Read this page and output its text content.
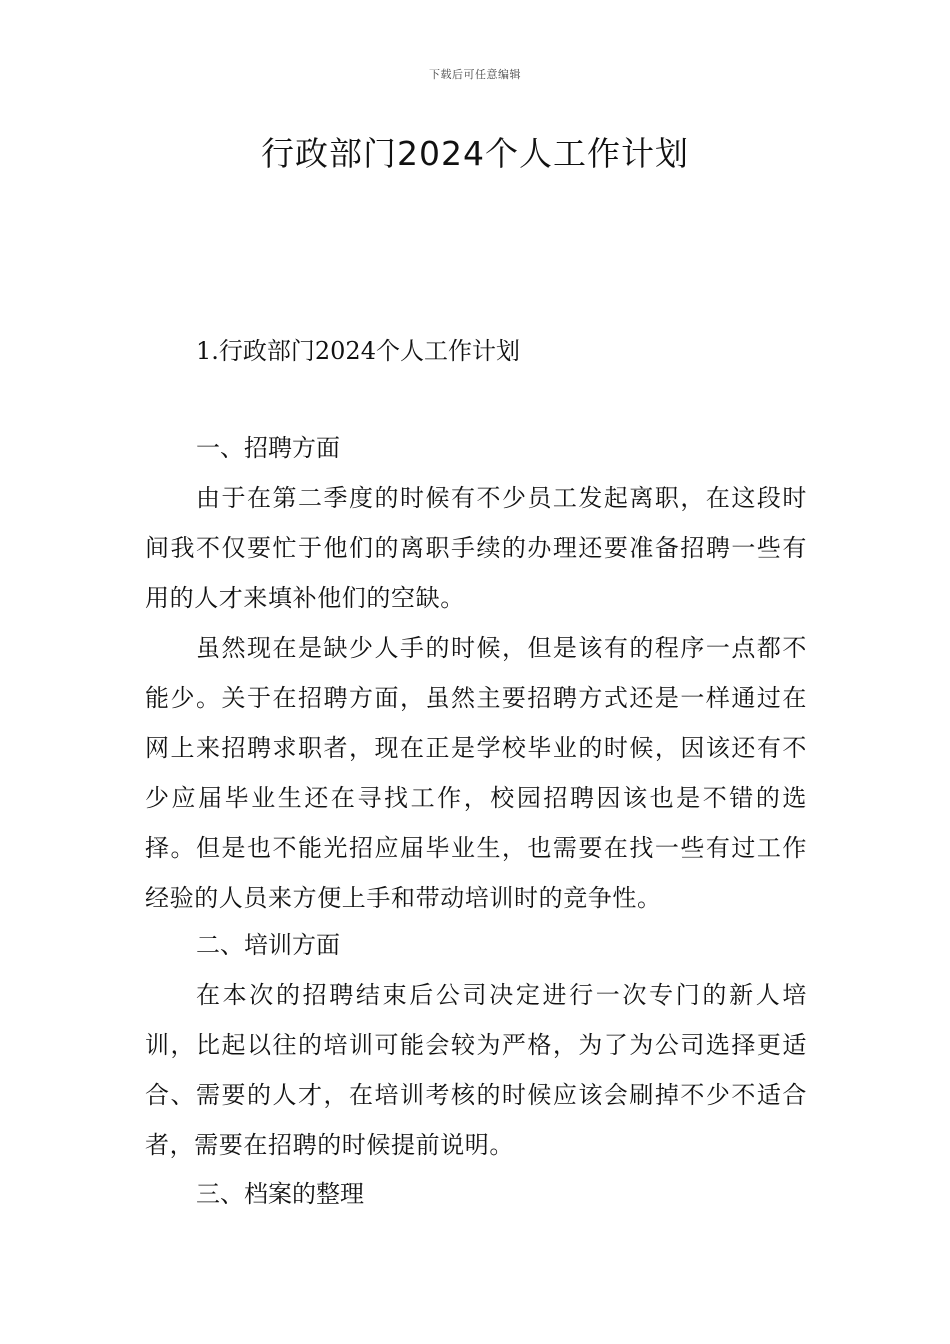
下载后可任意编辑
行政部门2024个人工作计划
1.行政部门2024个人工作计划
一、招聘方面

由于在第二季度的时候有不少员工发起离职，在这段时间我不仅要忙于他们的离职手续的办理还要准备招聘一些有用的人才来填补他们的空缺。

虽然现在是缺少人手的时候，但是该有的程序一点都不能少。关于在招聘方面，虽然主要招聘方式还是一样通过在网上来招聘求职者，现在正是学校毕业的时候，因该还有不少应届毕业生还在寻找工作，校园招聘因该也是不错的选择。但是也不能光招应届毕业生，也需要在找一些有过工作经验的人员来方便上手和带动培训时的竞争性。

二、培训方面

在本次的招聘结束后公司决定进行一次专门的新人培训，比起以往的培训可能会较为严格，为了为公司选择更适合、需要的人才，在培训考核的时候应该会刷掉不少不适合者，需要在招聘的时候提前说明。

三、档案的整理
